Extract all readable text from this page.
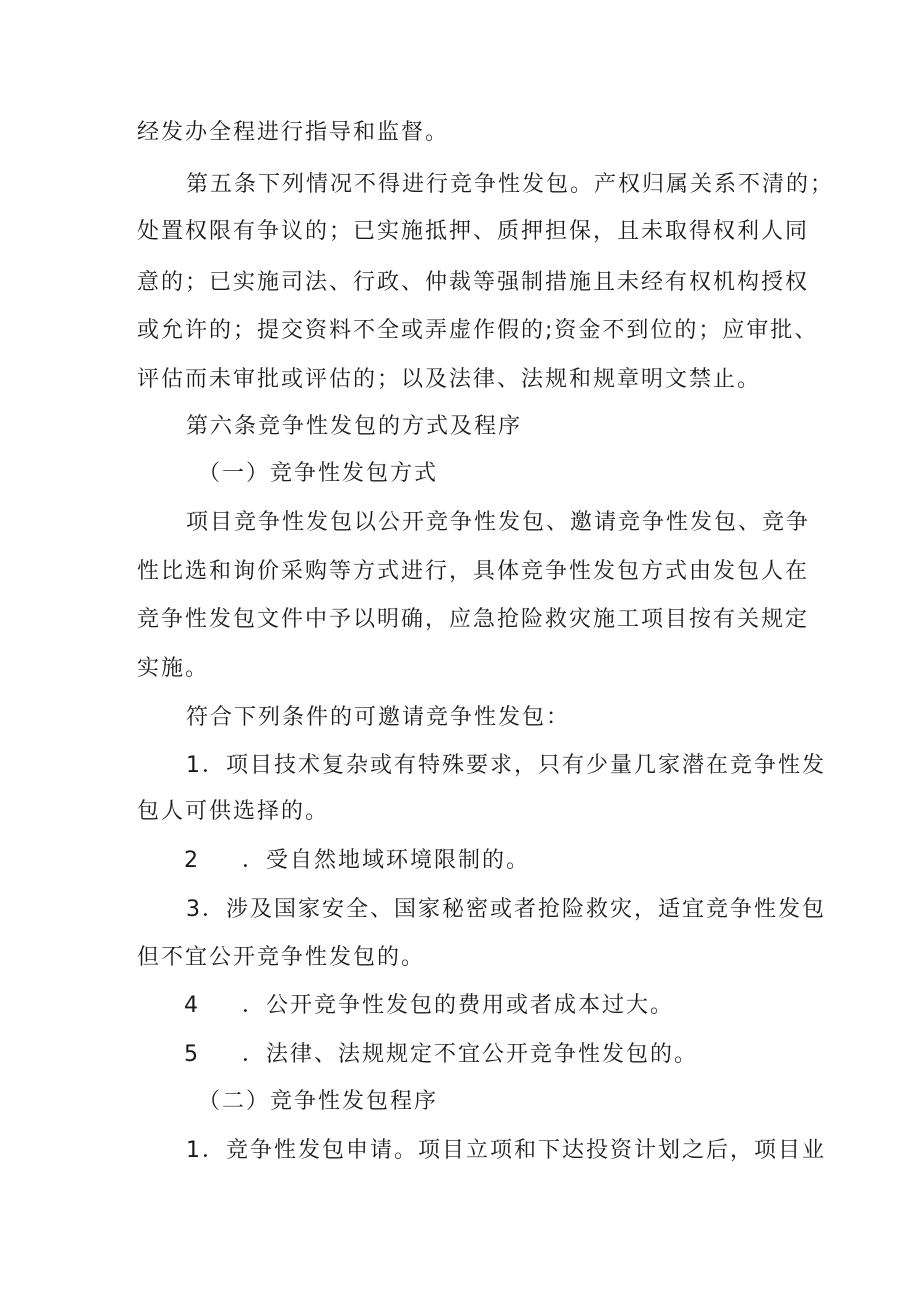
经发办全程进行指导和监督。
第五条下列情况不得进行竞争性发包。产权归属关系不清的；
处置权限有争议的；已实施抵押、质押担保，且未取得权利人同
意的；已实施司法、行政、仲裁等强制措施且未经有权机构授权
或允许的；提交资料不全或弄虚作假的;资金不到位的；应审批、
评估而未审批或评估的；以及法律、法规和规章明文禁止。
第六条竞争性发包的方式及程序
（一）竞争性发包方式
项目竞争性发包以公开竞争性发包、邀请竞争性发包、竞争
性比选和询价采购等方式进行，具体竞争性发包方式由发包人在
竞争性发包文件中予以明确，应急抢险救灾施工项目按有关规定
实施。
符合下列条件的可邀请竞争性发包：
1．项目技术复杂或有特殊要求，只有少量几家潜在竞争性发
包人可供选择的。
2 ．受自然地域环境限制的。
3．涉及国家安全、国家秘密或者抢险救灾，适宜竞争性发包
但不宜公开竞争性发包的。
4 ．公开竞争性发包的费用或者成本过大。
5 ．法律、法规规定不宜公开竞争性发包的。
（二）竞争性发包程序
1．竞争性发包申请。项目立项和下达投资计划之后，项目业
